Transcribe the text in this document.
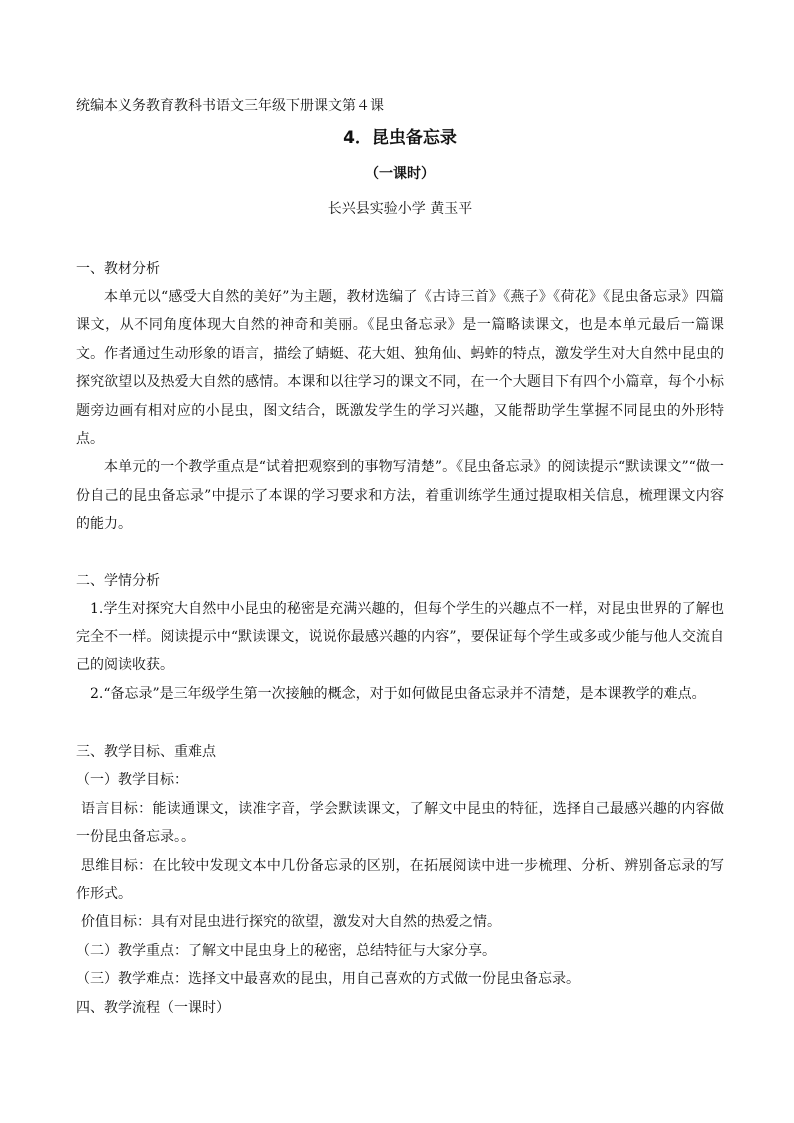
统编本义务教育教科书语文三年级下册课文第４课

4．昆虫备忘录

（一课时）

长兴县实验小学 黄玉平

一、教材分析

本单元以“感受大自然的美好”为主题，教材选编了《古诗三首》《燕子》《荷花》《昆虫备忘录》四篇课文，从不同角度体现大自然的神奇和美丽。《昆虫备忘录》是一篇略读课文，也是本单元最后一篇课文。作者通过生动形象的语言，描绘了蜻蜓、花大姐、独角仙、蚂蚱的特点，激发学生对大自然中昆虫的探究欲望以及热爱大自然的感情。本课和以往学习的课文不同，在一个大题目下有四个小篇章，每个小标题旁边画有相对应的小昆虫，图文结合，既激发学生的学习兴趣，又能帮助学生掌握不同昆虫的外形特点。

本单元的一个教学重点是“试着把观察到的事物写清楚”。《昆虫备忘录》的阅读提示“默读课文”“做一份自己的昆虫备忘录”中提示了本课的学习要求和方法，着重训练学生通过提取相关信息，梳理课文内容的能力。

二、学情分析

1.学生对探究大自然中小昆虫的秘密是充满兴趣的，但每个学生的兴趣点不一样，对昆虫世界的了解也完全不一样。阅读提示中“默读课文，说说你最感兴趣的内容”，要保证每个学生或多或少能与他人交流自己的阅读收获。

2.“备忘录”是三年级学生第一次接触的概念，对于如何做昆虫备忘录并不清楚，是本课教学的难点。

三、教学目标、重难点

（一）教学目标：

语言目标：能读通课文，读准字音，学会默读课文，了解文中昆虫的特征，选择自己最感兴趣的内容做一份昆虫备忘录。。

思维目标：在比较中发现文本中几份备忘录的区别，在拓展阅读中进一步梳理、分析、辨别备忘录的写作形式。

价值目标：具有对昆虫进行探究的欲望，激发对大自然的热爱之情。

（二）教学重点：了解文中昆虫身上的秘密，总结特征与大家分享。

（三）教学难点：选择文中最喜欢的昆虫，用自己喜欢的方式做一份昆虫备忘录。

四、教学流程（一课时）
